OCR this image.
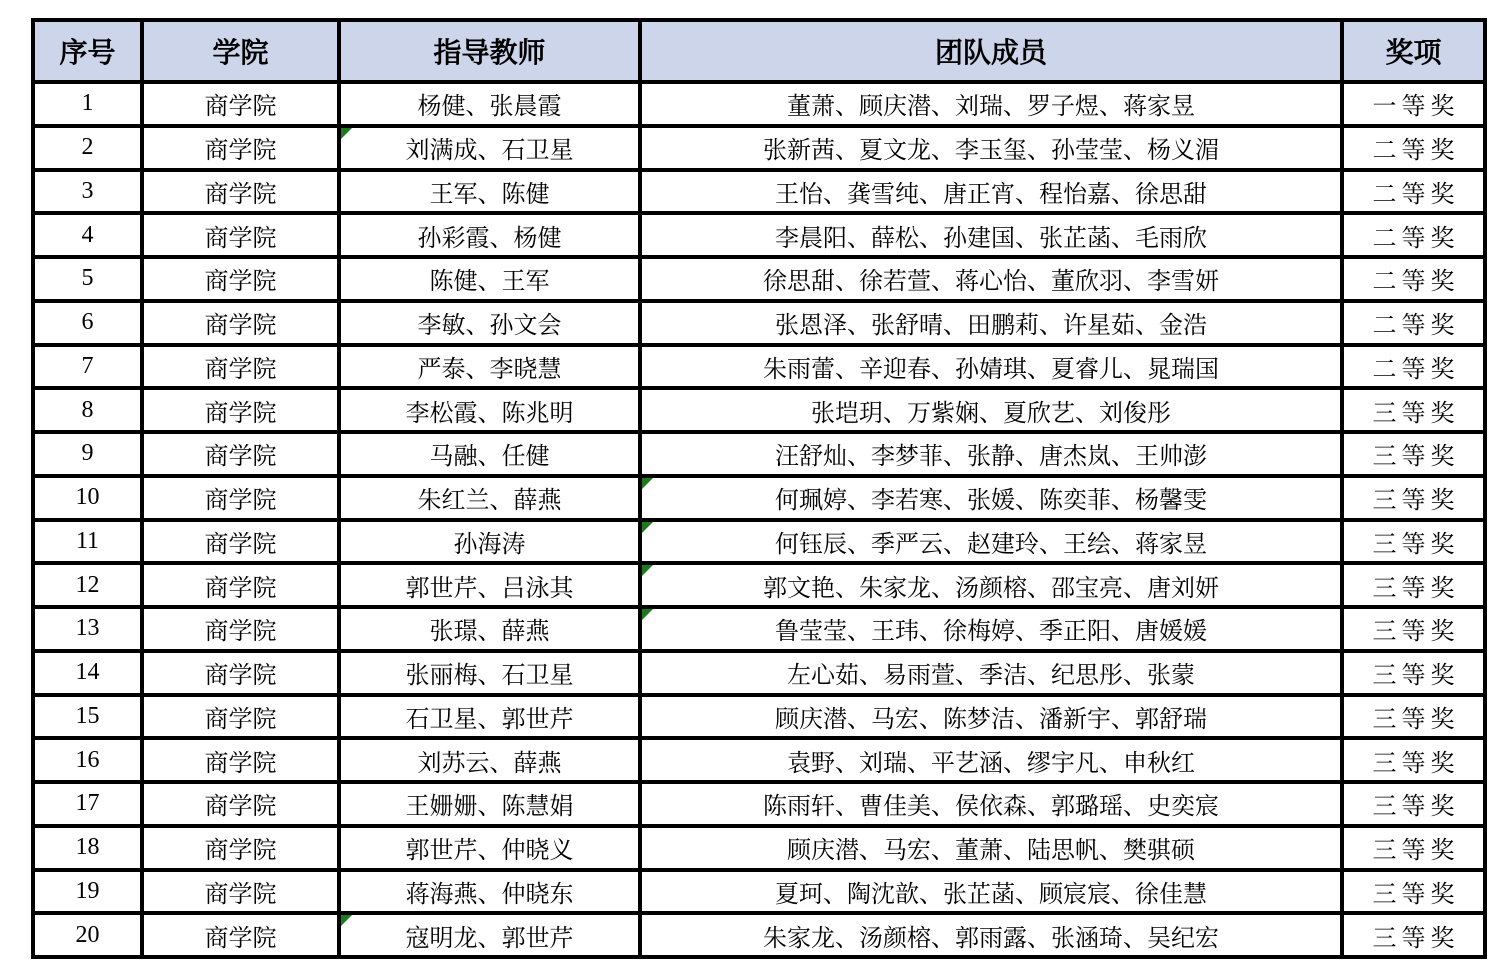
序号	学院	指导教师	团队成员	奖项
1	商学院	杨健、张晨霞	董萧、顾庆潜、刘瑞、罗子煜、蒋家昱	一等奖
2	商学院	刘满成、石卫星	张新茜、夏文龙、李玉玺、孙莹莹、杨义湄	二等奖
3	商学院	王军、陈健	王怡、龚雪纯、唐正宵、程怡嘉、徐思甜	二等奖
4	商学院	孙彩霞、杨健	李晨阳、薛松、孙建国、张芷菡、毛雨欣	二等奖
5	商学院	陈健、王军	徐思甜、徐若萱、蒋心怡、董欣羽、李雪妍	二等奖
6	商学院	李敏、孙文会	张恩泽、张舒晴、田鹏莉、许星茹、金浩	二等奖
7	商学院	严泰、李晓慧	朱雨蕾、辛迎春、孙婧琪、夏睿儿、晁瑞国	二等奖
8	商学院	李松霞、陈兆明	张垲玥、万紫娴、夏欣艺、刘俊彤	三等奖
9	商学院	马融、任健	汪舒灿、李梦菲、张静、唐杰岚、王帅澎	三等奖
10	商学院	朱红兰、薛燕	何珮婷、李若寒、张媛、陈奕菲、杨馨雯	三等奖
11	商学院	孙海涛	何钰辰、季严云、赵建玲、王绘、蒋家昱	三等奖
12	商学院	郭世芹、吕泳其	郭文艳、朱家龙、汤颜榕、邵宝亮、唐刘妍	三等奖
13	商学院	张璟、薛燕	鲁莹莹、王玮、徐梅婷、季正阳、唐媛媛	三等奖
14	商学院	张丽梅、石卫星	左心茹、易雨萱、季洁、纪思彤、张蒙	三等奖
15	商学院	石卫星、郭世芹	顾庆潜、马宏、陈梦洁、潘新宇、郭舒瑞	三等奖
16	商学院	刘苏云、薛燕	袁野、刘瑞、平艺涵、缪宇凡、申秋红	三等奖
17	商学院	王姗姗、陈慧娟	陈雨轩、曹佳美、侯依森、郭璐瑶、史奕宸	三等奖
18	商学院	郭世芹、仲晓义	顾庆潜、马宏、董萧、陆思帆、樊骐硕	三等奖
19	商学院	蒋海燕、仲晓东	夏珂、陶沈歆、张芷菡、顾宸宸、徐佳慧	三等奖
20	商学院	寇明龙、郭世芹	朱家龙、汤颜榕、郭雨露、张涵琦、吴纪宏	三等奖
